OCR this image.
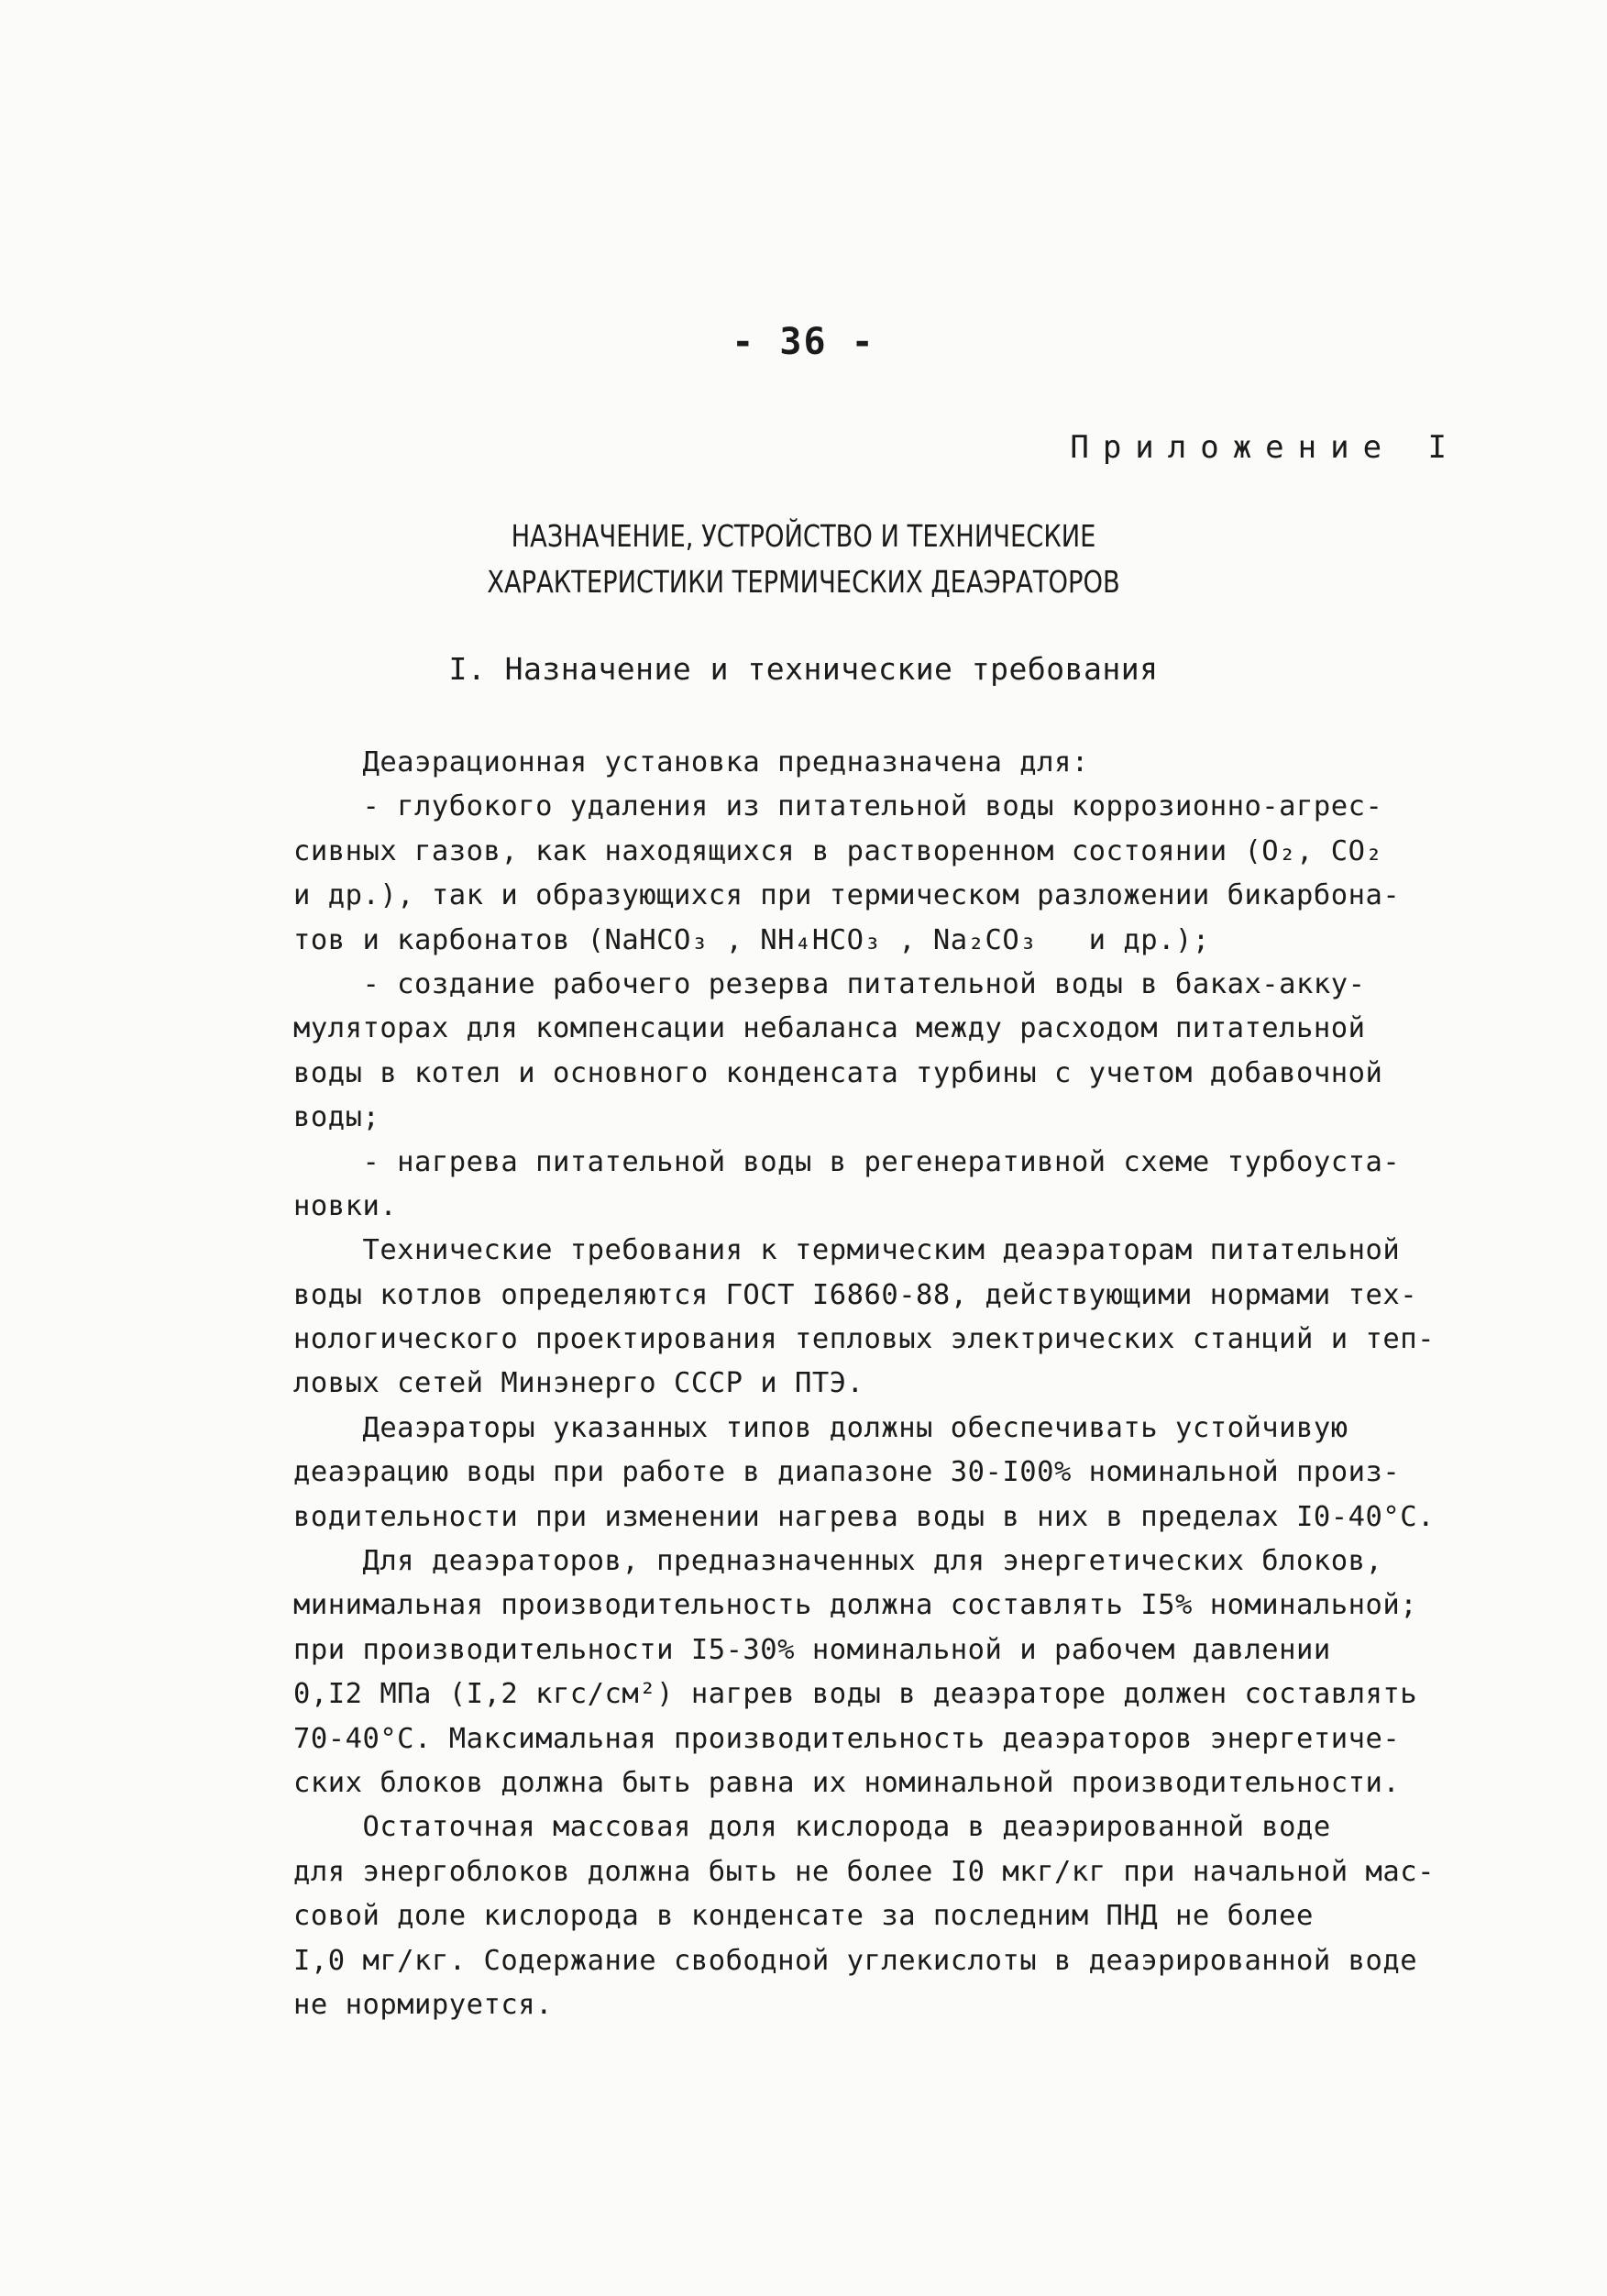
- 36 -
Приложение I
НАЗНАЧЕНИЕ, УСТРОЙСТВО И ТЕХНИЧЕСКИЕ
ХАРАКТЕРИСТИКИ ТЕРМИЧЕСКИХ ДЕАЭРАТОРОВ
I. Назначение и технические требования
Деаэрационная установка предназначена для:
- глубокого удаления из питательной воды коррозионно-агрес-
сивных газов, как находящихся в растворенном состоянии (O₂, CO₂
и др.), так и образующихся при термическом разложении бикарбона-
тов и карбонатов (NaHCO₃ , NH₄HCO₃ , Na₂CO₃   и др.);
- создание рабочего резерва питательной воды в баках-акку-
муляторах для компенсации небаланса между расходом питательной
воды в котел и основного конденсата турбины с учетом добавочной
воды;
- нагрева питательной воды в регенеративной схеме турбоуста-
новки.
Технические требования к термическим деаэраторам питательной
воды котлов определяются ГОСТ I6860-88, действующими нормами тех-
нологического проектирования тепловых электрических станций и теп-
ловых сетей Минэнерго СССР и ПТЭ.
Деаэраторы указанных типов должны обеспечивать устойчивую
деаэрацию воды при работе в диапазоне 30-I00% номинальной произ-
водительности при изменении нагрева воды в них в пределах I0-40°С.
Для деаэраторов, предназначенных для энергетических блоков,
минимальная производительность должна составлять I5% номинальной;
при производительности I5-30% номинальной и рабочем давлении
0,I2 МПа (I,2 кгс/см²) нагрев воды в деаэраторе должен составлять
70-40°С. Максимальная производительность деаэраторов энергетиче-
ских блоков должна быть равна их номинальной производительности.
Остаточная массовая доля кислорода в деаэрированной воде
для энергоблоков должна быть не более I0 мкг/кг при начальной мас-
совой доле кислорода в конденсате за последним ПНД не более
I,0 мг/кг. Содержание свободной углекислоты в деаэрированной воде
не нормируется.
